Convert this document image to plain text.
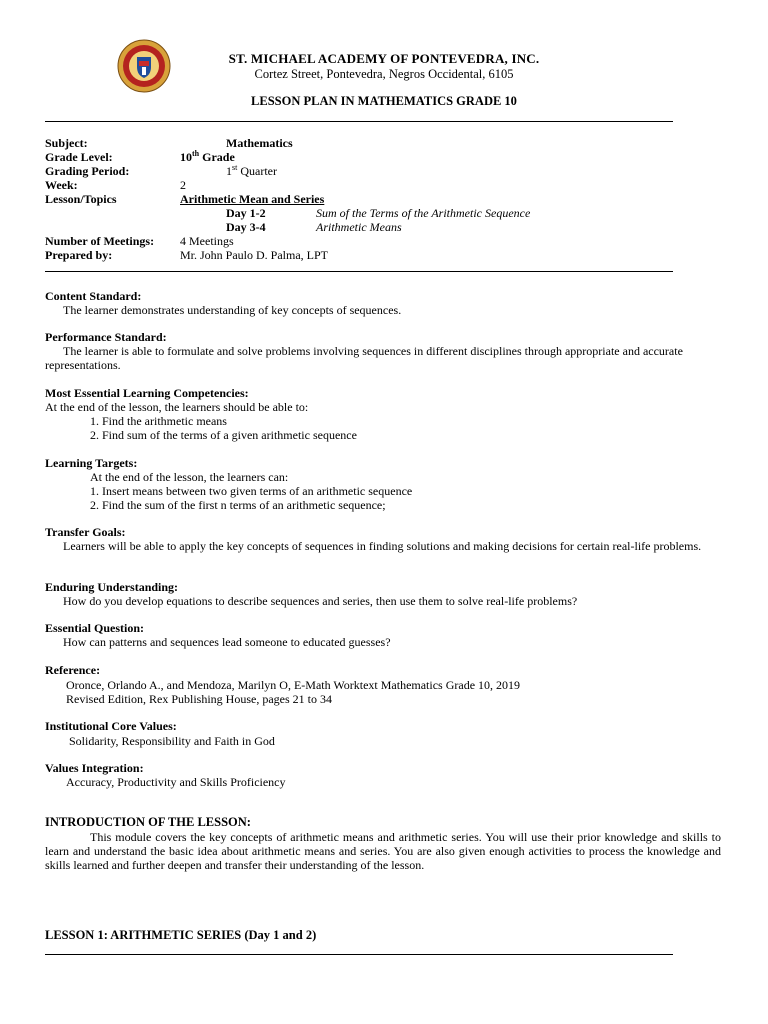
ST. MICHAEL ACADEMY OF PONTEVEDRA, INC.
Cortez Street, Pontevedra, Negros Occidental, 6105
LESSON PLAN IN MATHEMATICS GRADE 10
Subject:	Mathematics
Grade Level:	10th Grade
Grading Period:	1st Quarter
Week:	2
Lesson/Topics	Arithmetic Mean and Series
Day 1-2	Sum of the Terms of the Arithmetic Sequence
Day 3-4	Arithmetic Means
Number of Meetings: 4 Meetings
Prepared by:	Mr. John Paulo D. Palma, LPT
Content Standard:
The learner demonstrates understanding of key concepts of sequences.
Performance Standard:
The learner is able to formulate and solve problems involving sequences in different disciplines through appropriate and accurate representations.
Most Essential Learning Competencies:
At the end of the lesson, the learners should be able to:
1. Find the arithmetic means
2. Find sum of the terms of a given arithmetic sequence
Learning Targets:
At the end of the lesson, the learners can:
1. Insert means between two given terms of an arithmetic sequence
2. Find the sum of the first n terms of an arithmetic sequence;
Transfer Goals:
Learners will be able to apply the key concepts of sequences in finding solutions and making decisions for certain real-life problems.
Enduring Understanding:
How do you develop equations to describe sequences and series, then use them to solve real-life problems?
Essential Question:
How can patterns and sequences lead someone to educated guesses?
Reference:
Oronce, Orlando A., and Mendoza, Marilyn O, E-Math Worktext Mathematics Grade 10, 2019
Revised Edition, Rex Publishing House, pages 21 to 34
Institutional Core Values:
Solidarity, Responsibility and Faith in God
Values Integration:
Accuracy, Productivity and Skills Proficiency
INTRODUCTION OF THE LESSON:
This module covers the key concepts of arithmetic means and arithmetic series. You will use their prior knowledge and skills to learn and understand the basic idea about arithmetic means and series. You are also given enough activities to process the knowledge and skills learned and further deepen and transfer their understanding of the lesson.
LESSON 1: ARITHMETIC SERIES (Day 1 and 2)
